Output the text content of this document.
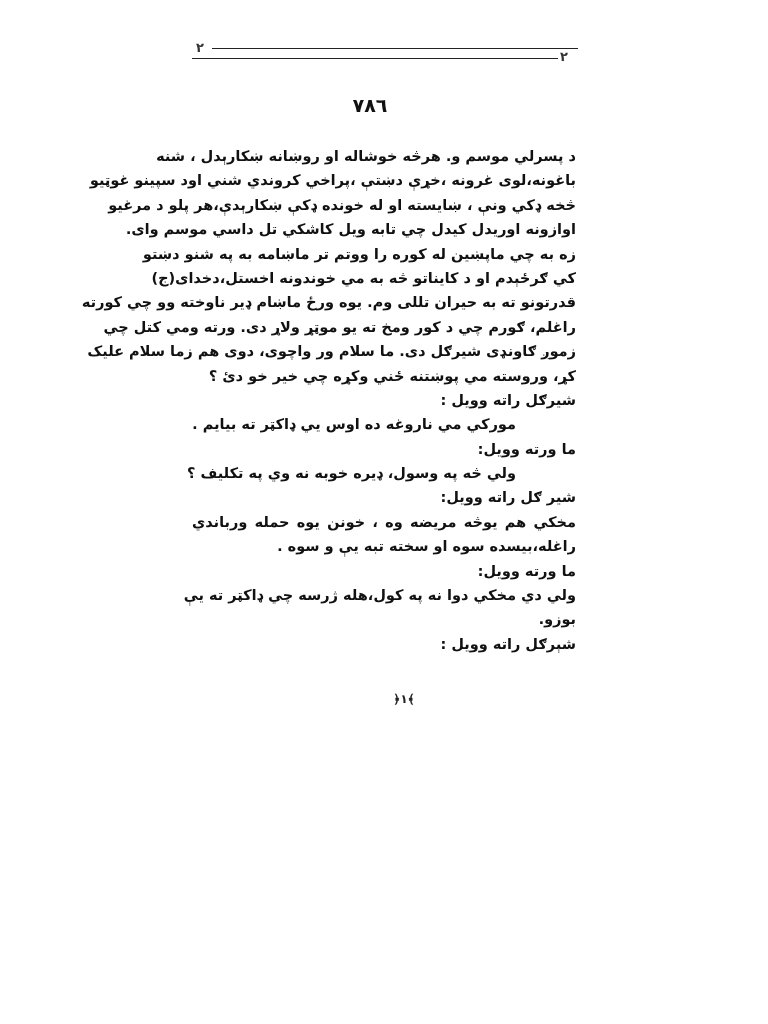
٢
٢
٧٨٦
د پسرلي موسم و. هرڅه خوشاله او روښانه ښکارېدل ، شنه
باغونه،لوی غرونه ،خړې دښتې ،پراخي کروندي شني اود سپينو غوټيو
څخه ډکي ونې ، ښايسته او له خونده ډکې ښکارېدې،هر پلو د مرغيو
اوازونه اوريدل کيدل چي تابه ويل کاشکي تل داسي موسم وای.
زه به چي ماپښين له کوره را ووتم تر ماښامه به په شنو دښتو
کي ګرځېدم او د کايناتو څه به مي خوندونه اخستل،دخدای(ج)
قدرتونو ته به حيران تللی وم. يوه ورځ ماښام ډير ناوخته وو چي کورته
راغلم، ګورم چي د کور ومخ ته يو موټړ ولاړ دی. ورته ومي کتل چي
زموږ ګاونډی شيرګل دی. ما سلام ور واچوی، دوی هم زما سلام عليک
کړ، وروسته مي پوښتنه ځني وکړه چي خير خو دئ ؟
شيرګل راته وويل :
موركي مي ناروغه ده اوس يي ډاکټر ته بيايم .
ما ورته وويل:
ولي څه په وسول، ډيره خوبه نه وي په تکليف ؟
شير ګل راته وويل:
مخکي هم يوڅه مريضه وه ، خونن يوه حمله ورباندي
راغله،بيسده سوه او سخته تبه يې و سوه .
ما ورته وويل:
ولي دي مخکي دوا نه په کول،هله ژرسه چي ډاکټر ته يې
بوزو.
شېرګل راته وويل :
﴿١﴾
